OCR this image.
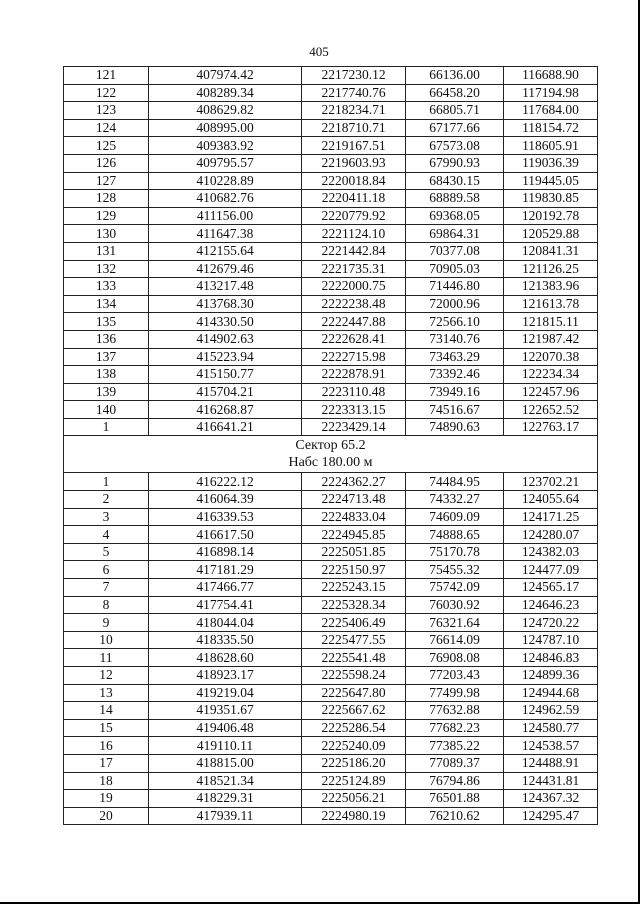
405
121	407974.42	2217230.12	66136.00	116688.90
122	408289.34	2217740.76	66458.20	117194.98
123	408629.82	2218234.71	66805.71	117684.00
124	408995.00	2218710.71	67177.66	118154.72
125	409383.92	2219167.51	67573.08	118605.91
126	409795.57	2219603.93	67990.93	119036.39
127	410228.89	2220018.84	68430.15	119445.05
128	410682.76	2220411.18	68889.58	119830.85
129	411156.00	2220779.92	69368.05	120192.78
130	411647.38	2221124.10	69864.31	120529.88
131	412155.64	2221442.84	70377.08	120841.31
132	412679.46	2221735.31	70905.03	121126.25
133	413217.48	2222000.75	71446.80	121383.96
134	413768.30	2222238.48	72000.96	121613.78
135	414330.50	2222447.88	72566.10	121815.11
136	414902.63	2222628.41	73140.76	121987.42
137	415223.94	2222715.98	73463.29	122070.38
138	415150.77	2222878.91	73392.46	122234.34
139	415704.21	2223110.48	73949.16	122457.96
140	416268.87	2223313.15	74516.67	122652.52
1	416641.21	2223429.14	74890.63	122763.17

Сектор 65.2
Набс 180.00 м				

1	416222.12	2224362.27	74484.95	123702.21
2	416064.39	2224713.48	74332.27	124055.64
3	416339.53	2224833.04	74609.09	124171.25
4	416617.50	2224945.85	74888.65	124280.07
5	416898.14	2225051.85	75170.78	124382.03
6	417181.29	2225150.97	75455.32	124477.09
7	417466.77	2225243.15	75742.09	124565.17
8	417754.41	2225328.34	76030.92	124646.23
9	418044.04	2225406.49	76321.64	124720.22
10	418335.50	2225477.55	76614.09	124787.10
11	418628.60	2225541.48	76908.08	124846.83
12	418923.17	2225598.24	77203.43	124899.36
13	419219.04	2225647.80	77499.98	124944.68
14	419351.67	2225667.62	77632.88	124962.59
15	419406.48	2225286.54	77682.23	124580.77
16	419110.11	2225240.09	77385.22	124538.57
17	418815.00	2225186.20	77089.37	124488.91
18	418521.34	2225124.89	76794.86	124431.81
19	418229.31	2225056.21	76501.88	124367.32
20	417939.11	2224980.19	76210.62	124295.47
